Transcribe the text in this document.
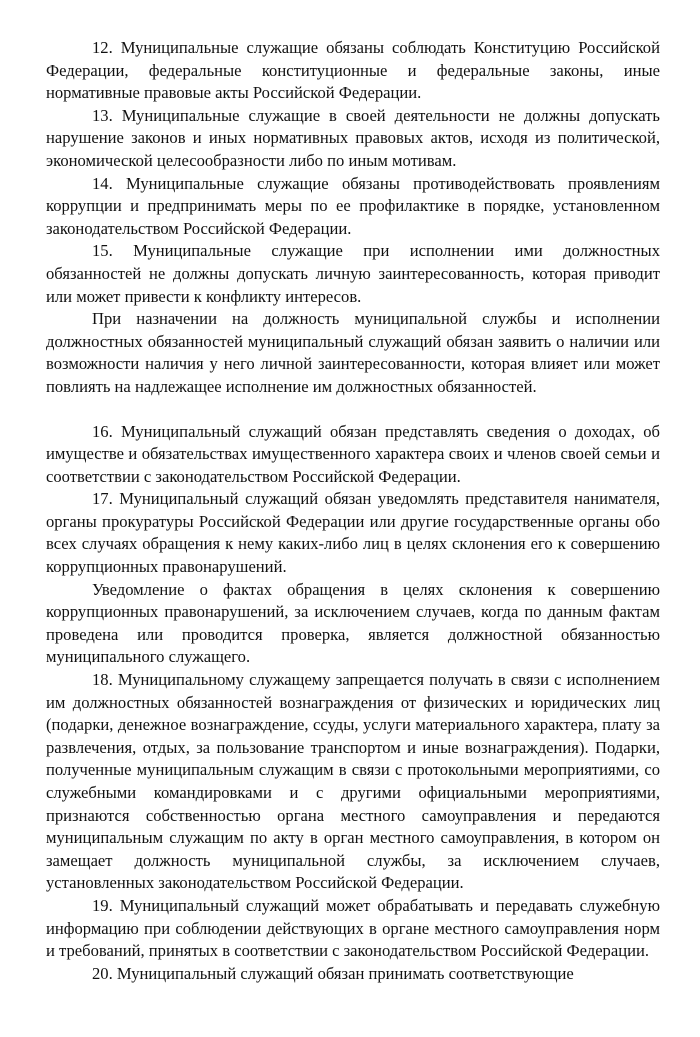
12. Муниципальные служащие обязаны соблюдать Конституцию Российской Федерации, федеральные конституционные и федеральные законы, иные нормативные правовые акты Российской Федерации.

13. Муниципальные служащие в своей деятельности не должны допускать нарушение законов и иных нормативных правовых актов, исходя из политической, экономической целесообразности либо по иным мотивам.

14. Муниципальные служащие обязаны противодействовать проявлениям коррупции и предпринимать меры по ее профилактике в порядке, установленном законодательством Российской Федерации.

15. Муниципальные служащие при исполнении ими должностных обязанностей не должны допускать личную заинтересованность, которая приводит или может привести к конфликту интересов.

При назначении на должность муниципальной службы и исполнении должностных обязанностей муниципальный служащий обязан заявить о наличии или возможности наличия у него личной заинтересованности, которая влияет или может повлиять на надлежащее исполнение им должностных обязанностей.

16. Муниципальный служащий обязан представлять сведения о доходах, об имуществе и обязательствах имущественного характера своих и членов своей семьи и соответствии с законодательством Российской Федерации.

17. Муниципальный служащий обязан уведомлять представителя нанимателя, органы прокуратуры Российской Федерации или другие государственные органы обо всех случаях обращения к нему каких-либо лиц в целях склонения его к совершению коррупционных правонарушений.

Уведомление о фактах обращения в целях склонения к совершению коррупционных правонарушений, за исключением случаев, когда по данным фактам проведена или проводится проверка, является должностной обязанностью муниципального служащего.

18. Муниципальному служащему запрещается получать в связи с исполнением им должностных обязанностей вознаграждения от физических и юридических лиц (подарки, денежное вознаграждение, ссуды, услуги материального характера, плату за развлечения, отдых, за пользование транспортом и иные вознаграждения). Подарки, полученные муниципальным служащим в связи с протокольными мероприятиями, со служебными командировками и с другими официальными мероприятиями, признаются собственностью органа местного самоуправления и передаются муниципальным служащим по акту в орган местного самоуправления, в котором он замещает должность муниципальной службы, за исключением случаев, установленных законодательством Российской Федерации.

19. Муниципальный служащий может обрабатывать и передавать служебную информацию при соблюдении действующих в органе местного самоуправления норм и требований, принятых в соответствии с законодательством Российской Федерации.

20. Муниципальный служащий обязан принимать соответствующие
